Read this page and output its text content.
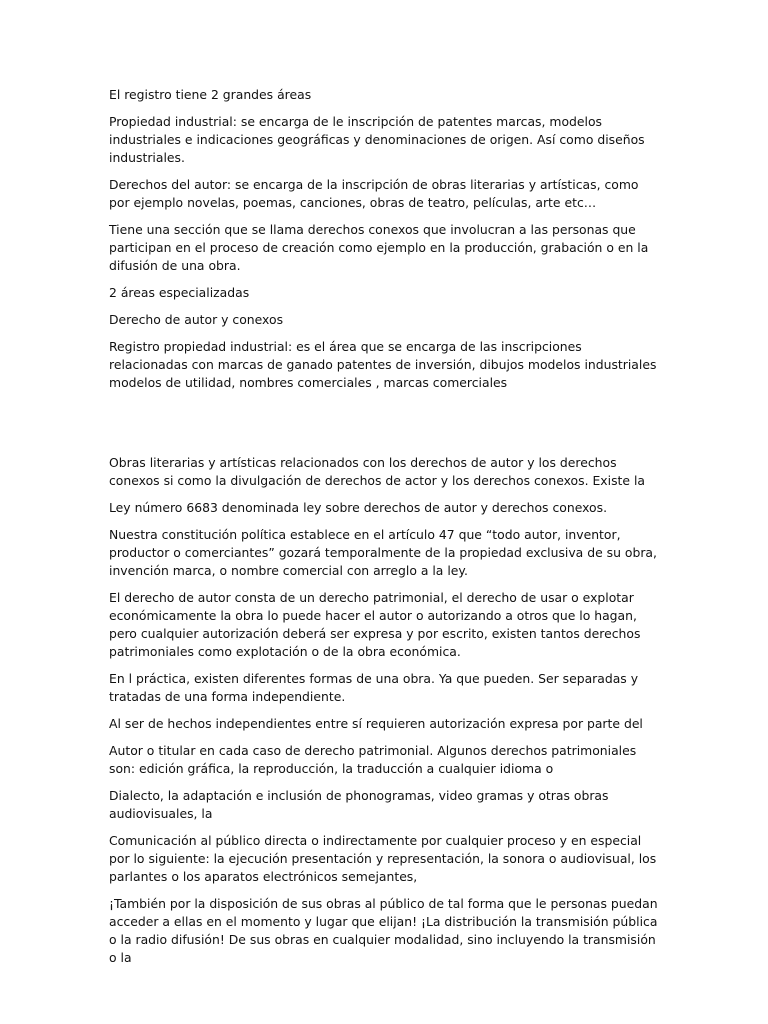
El registro tiene 2 grandes áreas

Propiedad industrial: se encarga de le inscripción de patentes marcas, modelos industriales e indicaciones geográficas y denominaciones de origen. Así como diseños industriales.

Derechos del autor: se encarga de la inscripción de obras literarias y artísticas, como por ejemplo novelas, poemas, canciones, obras de teatro, películas, arte etc…

Tiene una sección que se llama derechos conexos que involucran a las personas que participan en el proceso de creación como ejemplo en la producción, grabación o en la difusión de una obra.

2 áreas especializadas

Derecho de autor y conexos

Registro propiedad industrial: es el área que se encarga de las inscripciones relacionadas con marcas de ganado patentes de inversión, dibujos modelos industriales modelos de utilidad, nombres comerciales , marcas comerciales

Obras literarias y artísticas relacionados con los derechos de autor y los derechos conexos si como la divulgación de derechos de actor y los derechos conexos. Existe la

Ley número 6683 denominada ley sobre derechos de autor y derechos conexos.

Nuestra constitución política establece en el artículo 47 que “todo autor, inventor, productor o comerciantes” gozará temporalmente de la propiedad exclusiva de su obra, invención marca, o nombre comercial con arreglo a la ley.

El derecho de autor consta de un derecho patrimonial, el derecho de usar o explotar económicamente la obra lo puede hacer el autor o autorizando a otros que lo hagan, pero cualquier autorización deberá ser expresa y por escrito, existen tantos derechos patrimoniales como explotación o de la obra económica.

En l práctica, existen diferentes formas de una obra. Ya que pueden. Ser separadas y tratadas de una forma independiente.

Al ser de hechos independientes entre sí requieren autorización expresa por parte del

Autor o titular en cada caso de derecho patrimonial. Algunos derechos patrimoniales son: edición gráfica, la reproducción, la traducción a cualquier idioma o

Dialecto, la adaptación e inclusión de phonogramas, video gramas y otras obras audiovisuales, la

Comunicación al público directa o indirectamente por cualquier proceso y en especial por lo siguiente: la ejecución presentación y representación, la sonora o audiovisual, los parlantes o los aparatos electrónicos semejantes,

¡También por la disposición de sus obras al público de tal forma que le personas puedan acceder a ellas en el momento y lugar que elijan! ¡La distribución la transmisión pública o la radio difusión! De sus obras en cualquier modalidad, sino incluyendo la transmisión o la
